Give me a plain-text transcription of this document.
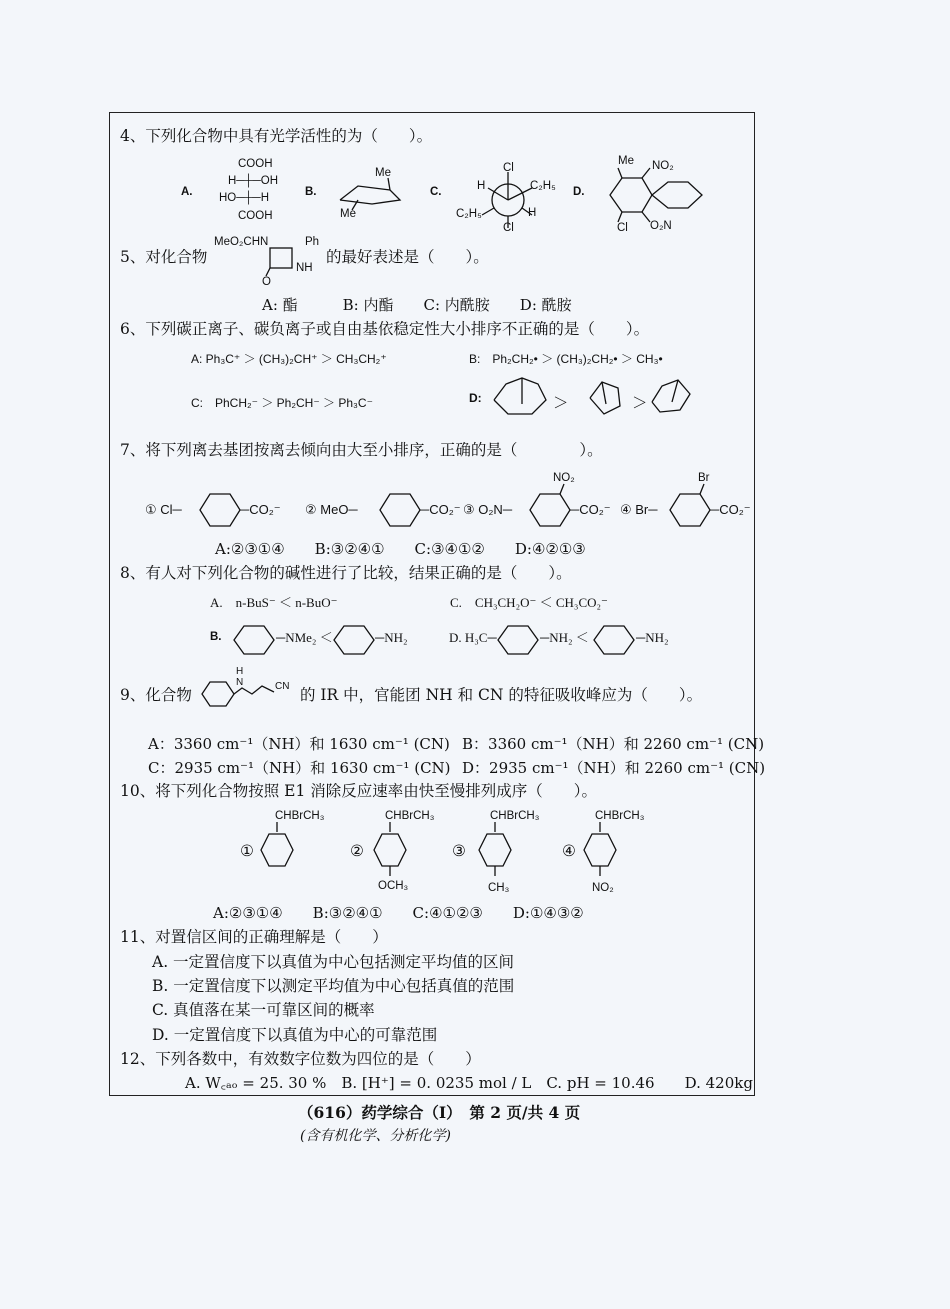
4、下列化合物中具有光学活性的为（　　）。
A.
COOH
H─┼─OH
HO─┼─H
COOH
B.
Me
Me
C.
Cl
H	C₂H₅
C₂H₅	H
Cl
D.
Me NO₂
Cl O₂N
5、对化合物
MeO₂CHN	Ph
NH
O
的最好表述是（　　）。
A: 酯　　　B: 内酯　　C: 内酰胺　　D: 酰胺
6、下列碳正离子、碳负离子或自由基依稳定性大小排序不正确的是（　　）。
A: Ph₃C⁺ ＞ (CH₃)₂CH⁺ ＞ CH₃CH₂⁺	B:　Ph₂CH₂• ＞ (CH₃)₂CH₂• ＞ CH₃•
C:　PhCH₂⁻ ＞ Ph₂CH⁻ ＞ Ph₃C⁻	D:	＞	＞
7、将下列离去基团按离去倾向由大至小排序，正确的是（　　　　）。
① Cl─	─CO₂⁻ ② MeO─	─CO₂⁻ ③ O₂N─
NO₂
─CO₂⁻ ④ Br─
Br
─CO₂⁻
A:②③①④　　B:③②④①　　C:③④①②　　D:④②①③
8、有人对下列化合物的碱性进行了比较，结果正确的是（　　）。
A.　n-BuS⁻ ＜ n-BuO⁻	C.　CH₃CH₂O⁻ ＜ CH₃CO₂⁻
B.	─NMe₂ ＜	─NH₂	D. H₃C─	─NH₂ ＜	─NH₂
9、化合物
H
N	CN 的 IR 中，官能团 NH 和 CN 的特征吸收峰应为（　　）。
A：3360 cm⁻¹（NH）和 1630 cm⁻¹ (CN) B：3360 cm⁻¹（NH）和 2260 cm⁻¹ (CN)
C：2935 cm⁻¹（NH）和 1630 cm⁻¹ (CN) D：2935 cm⁻¹（NH）和 2260 cm⁻¹ (CN)
10、将下列化合物按照 E1 消除反应速率由快至慢排列成序（　　）。
CHBrCH₃	CHBrCH₃	CHBrCH₃	CHBrCH₃
①	②	③	④
OCH₃	CH₃	NO₂
A:②③①④　　B:③②④①　　C:④①②③　　D:①④③②
11、对置信区间的正确理解是（　　）
A. 一定置信度下以真值为中心包括测定平均值的区间
B. 一定置信度下以测定平均值为中心包括真值的范围
C. 真值落在某一可靠区间的概率
D. 一定置信度下以真值为中心的可靠范围
12、下列各数中，有效数字位数为四位的是（　　）
A. W꜀ₐₒ = 25. 30 %　B. [H⁺] = 0. 0235 mol / L　C. pH = 10.46　　D. 420kg
（616）药学综合（I）　第 2 页/共 4 页
(含有机化学、分析化学)
